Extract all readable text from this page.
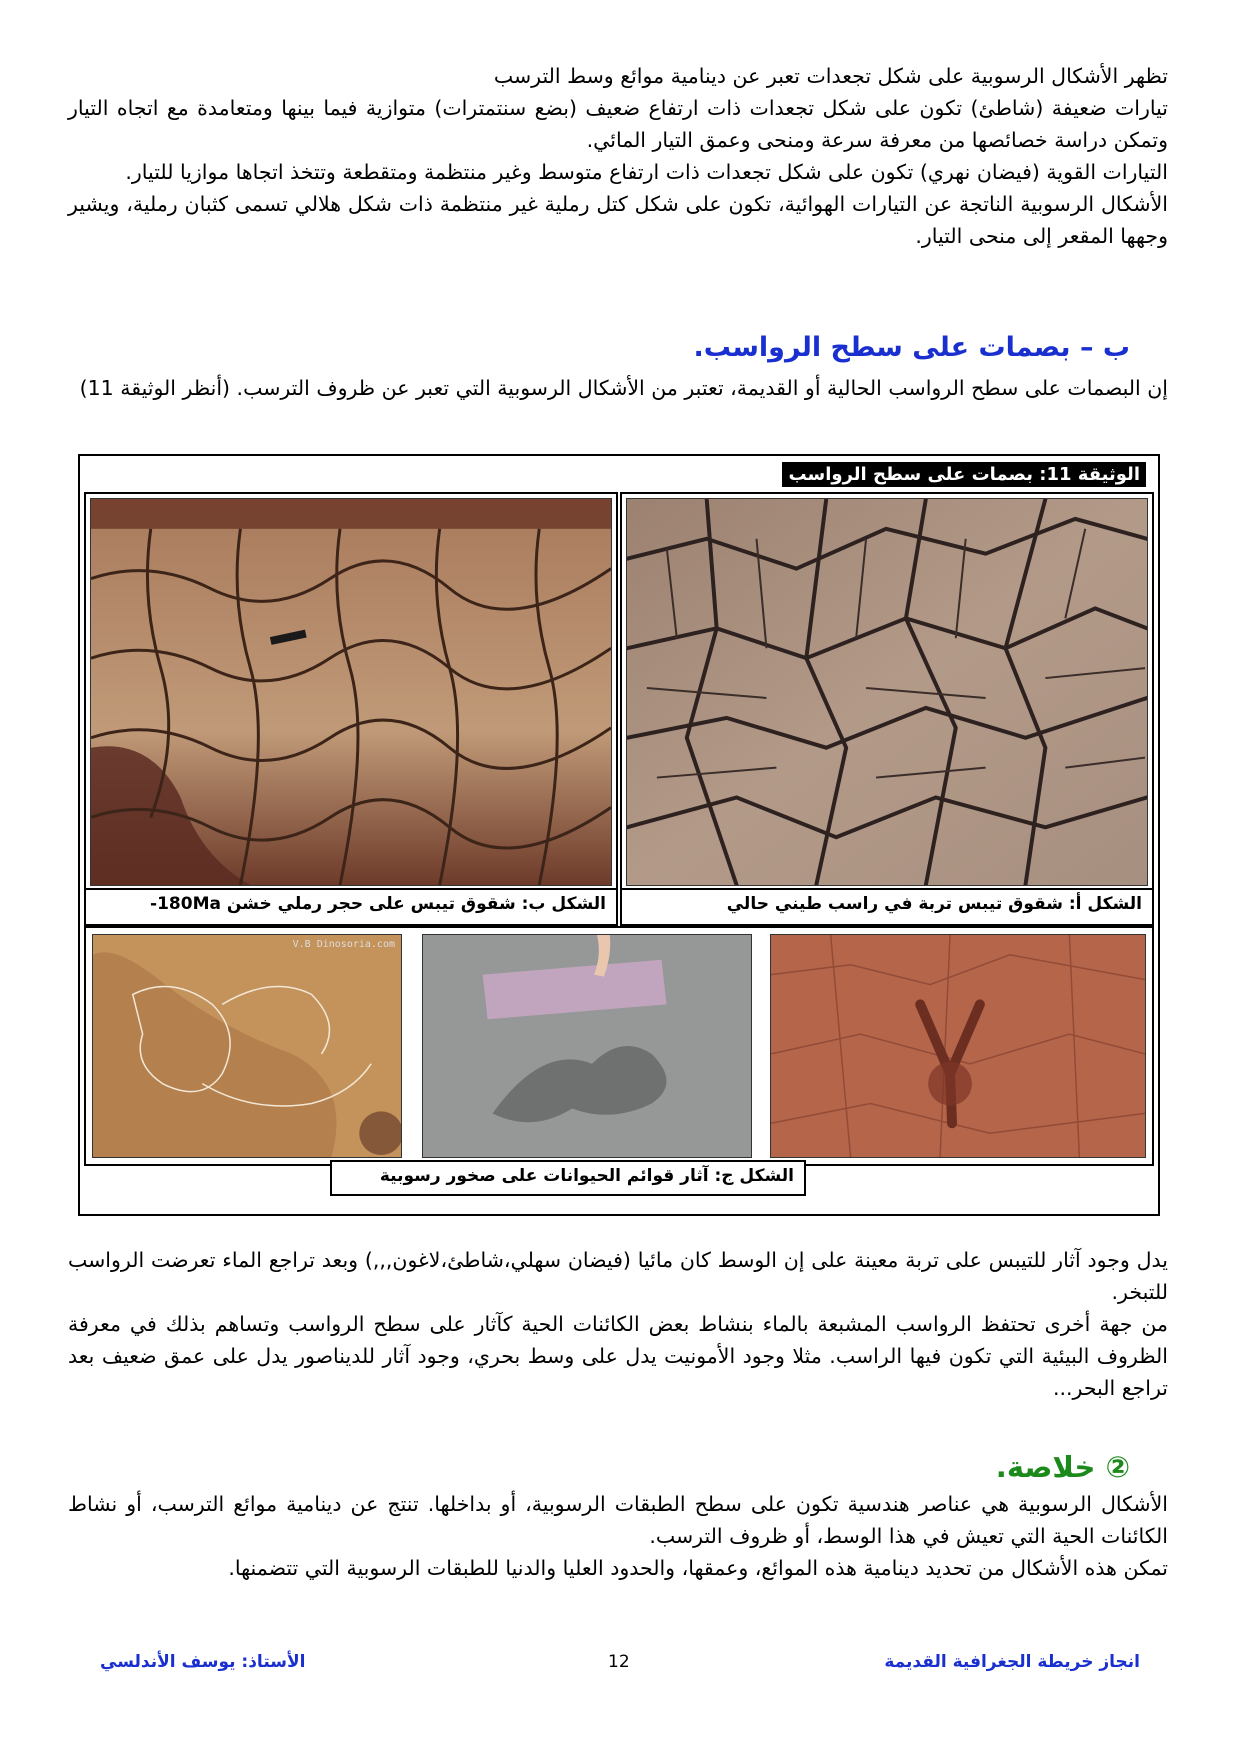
تظهر الأشكال الرسوبية على شكل تجعدات تعبر عن دينامية موائع وسط الترسب

تيارات ضعيفة (شاطئ) تكون على شكل تجعدات ذات ارتفاع ضعيف (بضع سنتمترات) متوازية فيما بينها ومتعامدة مع اتجاه التيار وتمكن دراسة خصائصها من معرفة سرعة ومنحى وعمق التيار المائي.

التيارات القوية (فيضان نهري) تكون على شكل تجعدات ذات ارتفاع متوسط وغير منتظمة ومتقطعة وتتخذ اتجاها موازيا للتيار.

الأشكال الرسوبية الناتجة عن التيارات الهوائية، تكون على شكل كتل رملية غير منتظمة ذات شكل هلالي تسمى كثبان رملية، ويشير وجهها المقعر إلى منحى التيار.

ب – بصمات على سطح الرواسب.
إن البصمات على سطح الرواسب الحالية أو القديمة، تعتبر من الأشكال الرسوبية التي تعبر عن ظروف الترسب. (أنظر الوثيقة 11)
الوثيقة 11: بصمات على سطح الرواسب
الشكل أ: شقوق تيبس تربة في راسب طيني حالي
الشكل ب: شقوق تيبس على حجر رملي خشن 180Ma-
V.B Dinosoria.com
الشكل ج: آثار قوائم الحيوانات على صخور رسوبية

يدل وجود آثار للتيبس على تربة معينة على إن الوسط كان مائيا (فيضان سهلي،شاطئ،لاغون,,,) وبعد تراجع الماء تعرضت الرواسب للتبخر.

من جهة أخرى تحتفظ الرواسب المشبعة بالماء بنشاط بعض الكائنات الحية كآثار على سطح الرواسب وتساهم بذلك في معرفة الظروف البيئية التي تكون فيها الراسب. مثلا وجود الأمونيت يدل على وسط بحري، وجود آثار للديناصور يدل على عمق ضعيف بعد تراجع البحر...

② خلاصة.

الأشكال الرسوبية هي عناصر هندسية تكون على سطح الطبقات الرسوبية، أو بداخلها. تنتج عن دينامية موائع الترسب، أو نشاط الكائنات الحية التي تعيش في هذا الوسط، أو ظروف الترسب.

تمكن هذه الأشكال من تحديد دينامية هذه الموائع، وعمقها، والحدود العليا والدنيا للطبقات الرسوبية التي تتضمنها.

انجاز خريطة الجغرافية القديمة
12
الأستاذ: يوسف الأندلسي
